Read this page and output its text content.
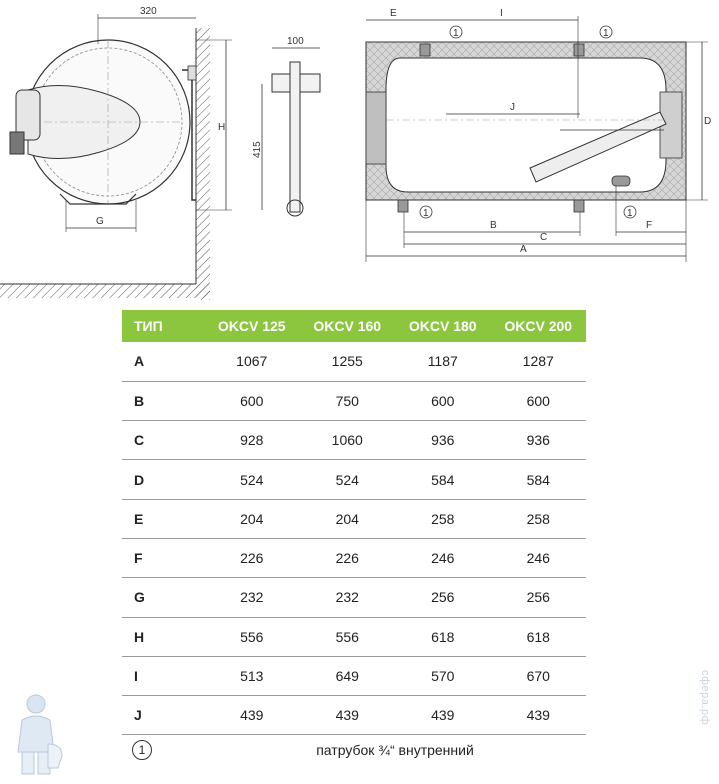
320
H
G
100
415
1	1
1	1
E	I
J
D
B
C
A
F
ТИП	OKCV 125	OKCV 160	OKCV 180	OKCV 200
A	1067	1255	1187	1287
B	600	750	600	600
C	928	1060	936	936
D	524	524	584	584
E	204	204	258	258
F	226	226	246	246
G	232	232	256	256
H	556	556	618	618
I	513	649	570	670
J	439	439	439	439
1	патрубок ¾“ внутренний			
сфера.рф
